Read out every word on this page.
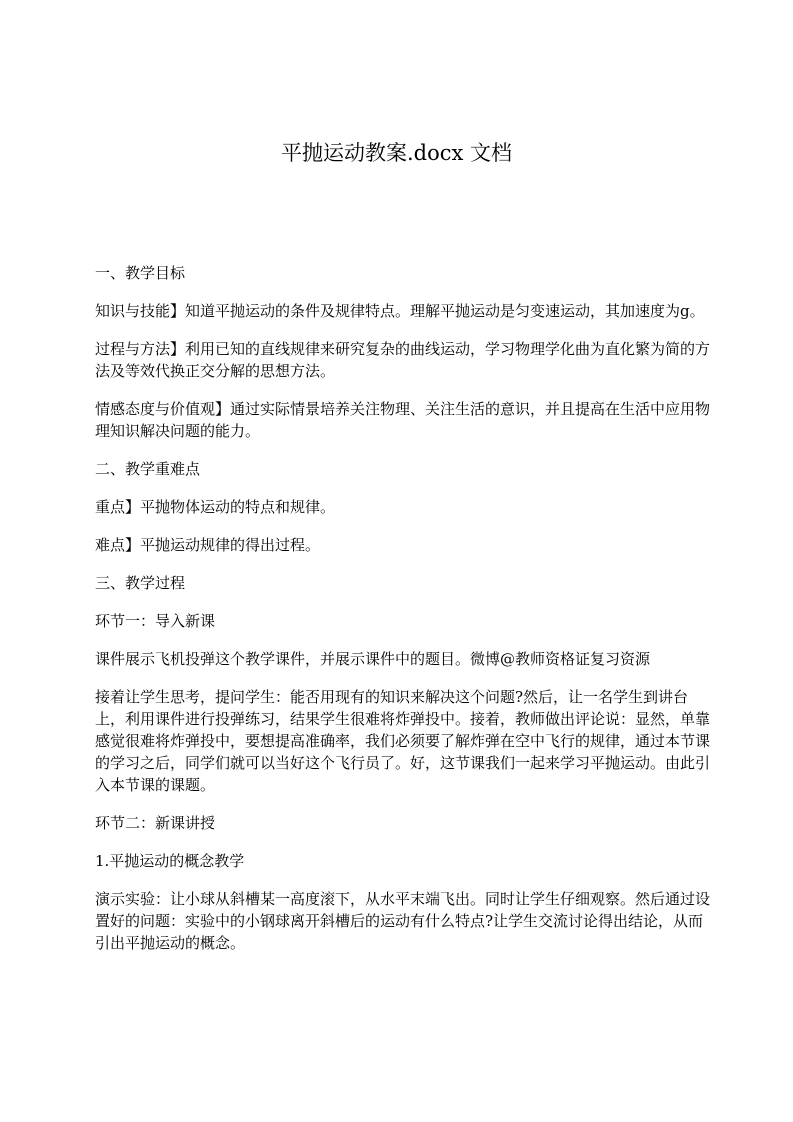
平抛运动教案.docx 文档

一、教学目标

知识与技能】知道平抛运动的条件及规律特点。理解平抛运动是匀变速运动，其加速度为g。

过程与方法】利用已知的直线规律来研究复杂的曲线运动，学习物理学化曲为直化繁为简的方法及等效代换正交分解的思想方法。

情感态度与价值观】通过实际情景培养关注物理、关注生活的意识，并且提高在生活中应用物理知识解决问题的能力。

二、教学重难点

重点】平抛物体运动的特点和规律。

难点】平抛运动规律的得出过程。

三、教学过程

环节一：导入新课

课件展示飞机投弹这个教学课件，并展示课件中的题目。微博@教师资格证复习资源

接着让学生思考，提问学生：能否用现有的知识来解决这个问题?然后，让一名学生到讲台上，利用课件进行投弹练习，结果学生很难将炸弹投中。接着，教师做出评论说：显然，单靠感觉很难将炸弹投中，要想提高准确率，我们必须要了解炸弹在空中飞行的规律，通过本节课的学习之后，同学们就可以当好这个飞行员了。好，这节课我们一起来学习平抛运动。由此引入本节课的课题。

环节二：新课讲授

1.平抛运动的概念教学

演示实验：让小球从斜槽某一高度滚下，从水平末端飞出。同时让学生仔细观察。然后通过设置好的问题：实验中的小钢球离开斜槽后的运动有什么特点?让学生交流讨论得出结论，从而引出平抛运动的概念。
